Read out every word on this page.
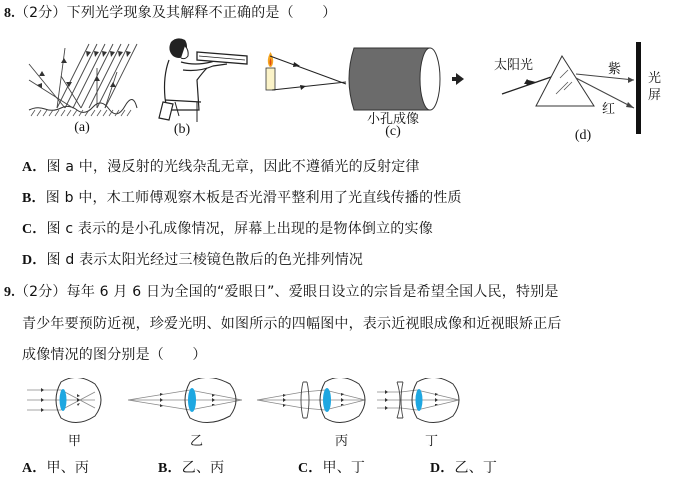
8.（2分）下列光学现象及其解释不正确的是（　　）
(a)	(b)
小孔成像
(c)
太阳光	紫
红
光屏
(d)
A．图 a 中，漫反射的光线杂乱无章，因此不遵循光的反射定律
B．图 b 中，木工师傅观察木板是否光滑平整利用了光直线传播的性质
C．图 c 表示的是小孔成像情况，屏幕上出现的是物体倒立的实像
D．图 d 表示太阳光经过三棱镜色散后的色光排列情况
9.（2分）每年 6 月 6 日为全国的“爱眼日”、爱眼日设立的宗旨是希望全国人民，特别是
青少年要预防近视，珍爱光明、如图所示的四幅图中，表示近视眼成像和近视眼矫正后
成像情况的图分别是（　　）
甲	乙	丙	丁
A．甲、丙	B．乙、丙	C．甲、丁	D．乙、丁
